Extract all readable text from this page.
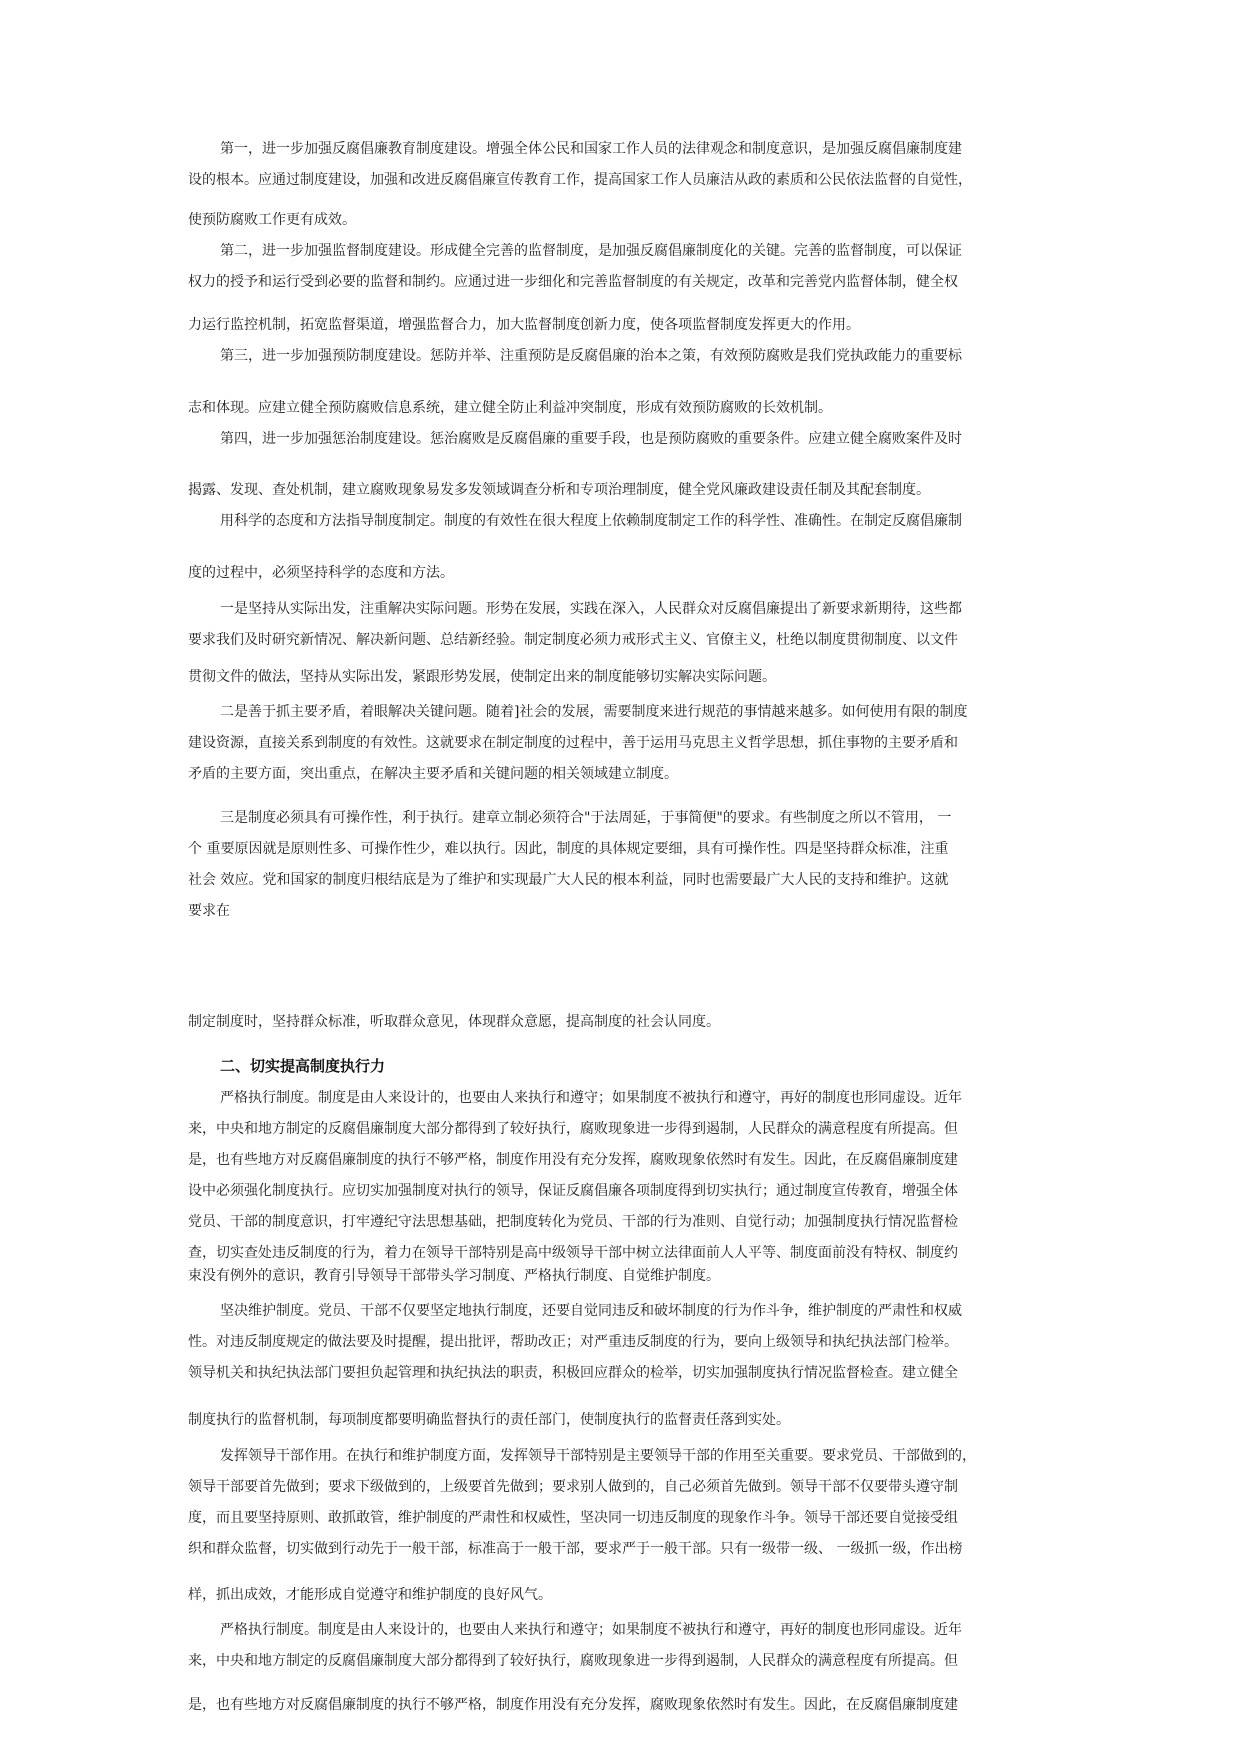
第一，进一步加强反腐倡廉教育制度建设。增强全体公民和国家工作人员的法律观念和制度意识，是加强反腐倡廉制度建
设的根本。应通过制度建设，加强和改进反腐倡廉宣传教育工作，提高国家工作人员廉洁从政的素质和公民依法监督的自觉性，
使预防腐败工作更有成效。
第二，进一步加强监督制度建设。形成健全完善的监督制度，是加强反腐倡廉制度化的关键。完善的监督制度，可以保证
权力的授予和运行受到必要的监督和制约。应通过进一步细化和完善监督制度的有关规定，改革和完善党内监督体制，健全权
力运行监控机制，拓宽监督渠道，增强监督合力，加大监督制度创新力度，使各项监督制度发挥更大的作用。
第三，进一步加强预防制度建设。惩防并举、注重预防是反腐倡廉的治本之策，有效预防腐败是我们党执政能力的重要标
志和体现。应建立健全预防腐败信息系统，建立健全防止利益冲突制度，形成有效预防腐败的长效机制。
第四，进一步加强惩治制度建设。惩治腐败是反腐倡廉的重要手段，也是预防腐败的重要条件。应建立健全腐败案件及时
揭露、发现、查处机制，建立腐败现象易发多发领域调查分析和专项治理制度，健全党风廉政建设责任制及其配套制度。
用科学的态度和方法指导制度制定。制度的有效性在很大程度上依赖制度制定工作的科学性、准确性。在制定反腐倡廉制
度的过程中，必须坚持科学的态度和方法。
一是坚持从实际出发，注重解决实际问题。形势在发展，实践在深入，人民群众对反腐倡廉提出了新要求新期待，这些都
要求我们及时研究新情况、解决新问题、总结新经验。制定制度必须力戒形式主义、官僚主义，杜绝以制度贯彻制度、以文件
贯彻文件的做法，坚持从实际出发，紧跟形势发展，使制定出来的制度能够切实解决实际问题。
二是善于抓主要矛盾，着眼解决关键问题。随着]社会的发展，需要制度来进行规范的事情越来越多。如何使用有限的制度
建设资源，直接关系到制度的有效性。这就要求在制定制度的过程中，善于运用马克思主义哲学思想，抓住事物的主要矛盾和
矛盾的主要方面，突出重点，在解决主要矛盾和关键问题的相关领域建立制度。
三是制度必须具有可操作性，利于执行。建章立制必须符合"于法周延，于事简便"的要求。有些制度之所以不管用， 一
个 重要原因就是原则性多、可操作性少，难以执行。因此，制度的具体规定要细，具有可操作性。四是坚持群众标准，注重
社会 效应。党和国家的制度归根结底是为了维护和实现最广大人民的根本利益，同时也需要最广大人民的支持和维护。这就
要求在
制定制度时，坚持群众标准，听取群众意见，体现群众意愿，提高制度的社会认同度。

二、切实提高制度执行力

严格执行制度。制度是由人来设计的，也要由人来执行和遵守；如果制度不被执行和遵守，再好的制度也形同虚设。近年
来，中央和地方制定的反腐倡廉制度大部分都得到了较好执行，腐败现象进一步得到遏制，人民群众的满意程度有所提高。但
是，也有些地方对反腐倡廉制度的执行不够严格，制度作用没有充分发挥，腐败现象依然时有发生。因此，在反腐倡廉制度建
设中必须强化制度执行。应切实加强制度对执行的领导，保证反腐倡廉各项制度得到切实执行；通过制度宣传教育，增强全体
党员、干部的制度意识，打牢遵纪守法思想基础，把制度转化为党员、干部的行为准则、自觉行动；加强制度执行情况监督检
查，切实查处违反制度的行为，着力在领导干部特别是高中级领导干部中树立法律面前人人平等、制度面前没有特权、制度约
束没有例外的意识，教育引导领导干部带头学习制度、严格执行制度、自觉维护制度。
坚决维护制度。党员、干部不仅要坚定地执行制度，还要自觉同违反和破坏制度的行为作斗争，维护制度的严肃性和权威
性。对违反制度规定的做法要及时提醒，提出批评，帮助改正；对严重违反制度的行为，要向上级领导和执纪执法部门检举。
领导机关和执纪执法部门要担负起管理和执纪执法的职责，积极回应群众的检举，切实加强制度执行情况监督检查。建立健全
制度执行的监督机制，每项制度都要明确监督执行的责任部门，使制度执行的监督责任落到实处。
发挥领导干部作用。在执行和维护制度方面，发挥领导干部特别是主要领导干部的作用至关重要。要求党员、干部做到的，
领导干部要首先做到；要求下级做到的，上级要首先做到；要求别人做到的，自己必须首先做到。领导干部不仅要带头遵守制
度，而且要坚持原则、敢抓敢管，维护制度的严肃性和权威性，坚决同一切违反制度的现象作斗争。领导干部还要自觉接受组
织和群众监督，切实做到行动先于一般干部，标准高于一般干部，要求严于一般干部。只有一级带一级、 一级抓一级，作出榜
样，抓出成效，才能形成自觉遵守和维护制度的良好风气。
严格执行制度。制度是由人来设计的，也要由人来执行和遵守；如果制度不被执行和遵守，再好的制度也形同虚设。近年
来，中央和地方制定的反腐倡廉制度大部分都得到了较好执行，腐败现象进一步得到遏制，人民群众的满意程度有所提高。但
是，也有些地方对反腐倡廉制度的执行不够严格，制度作用没有充分发挥，腐败现象依然时有发生。因此，在反腐倡廉制度建
